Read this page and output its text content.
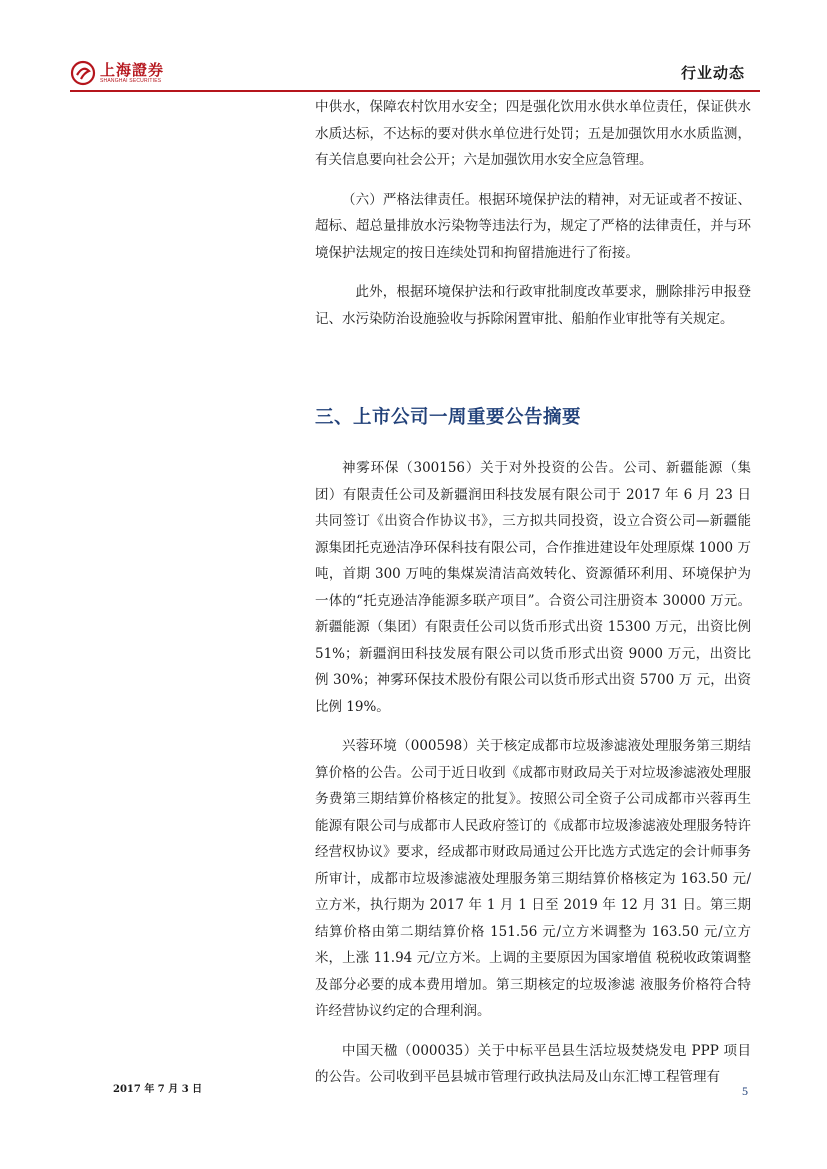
上海證券
SHANGHAI SECURITIES	行业动态

中供水，保障农村饮用水安全；四是强化饮用水供水单位责任，保证供水水质达标，不达标的要对供水单位进行处罚；五是加强饮用水水质监测，有关信息要向社会公开；六是加强饮用水安全应急管理。

（六）严格法律责任。根据环境保护法的精神，对无证或者不按证、超标、超总量排放水污染物等违法行为，规定了严格的法律责任，并与环境保护法规定的按日连续处罚和拘留措施进行了衔接。

此外，根据环境保护法和行政审批制度改革要求，删除排污申报登记、水污染防治设施验收与拆除闲置审批、船舶作业审批等有关规定。

三、上市公司一周重要公告摘要

神雾环保（300156）关于对外投资的公告。公司、新疆能源（集团）有限责任公司及新疆润田科技发展有限公司于 2017 年 6 月 23 日共同签订《出资合作协议书》，三方拟共同投资，设立合资公司—新疆能源集团托克逊洁净环保科技有限公司，合作推进建设年处理原煤 1000 万吨，首期 300 万吨的集煤炭清洁高效转化、资源循环利用、环境保护为一体的“托克逊洁净能源多联产项目”。合资公司注册资本 30000 万元。新疆能源（集团）有限责任公司以货币形式出资 15300 万元，出资比例 51%；新疆润田科技发展有限公司以货币形式出资 9000 万元，出资比例 30%；神雾环保技术股份有限公司以货币形式出资 5700 万 元，出资比例 19%。

兴蓉环境（000598）关于核定成都市垃圾渗滤液处理服务第三期结算价格的公告。公司于近日收到《成都市财政局关于对垃圾渗滤液处理服务费第三期结算价格核定的批复》。按照公司全资子公司成都市兴蓉再生能源有限公司与成都市人民政府签订的《成都市垃圾渗滤液处理服务特许 经营权协议》要求，经成都市财政局通过公开比选方式选定的会计师事务所审计，成都市垃圾渗滤液处理服务第三期结算价格核定为 163.50 元/立方米，执行期为 2017 年 1 月 1 日至 2019 年 12 月 31 日。第三期结算价格由第二期结算价格 151.56 元/立方米调整为 163.50 元/立方米，上涨 11.94 元/立方米。上调的主要原因为国家增值 税税收政策调整及部分必要的成本费用增加。第三期核定的垃圾渗滤 液服务价格符合特许经营协议约定的合理利润。

中国天楹（000035）关于中标平邑县生活垃圾焚烧发电 PPP 项目的公告。公司收到平邑县城市管理行政执法局及山东汇博工程管理有

2017 年 7 月 3 日	5
